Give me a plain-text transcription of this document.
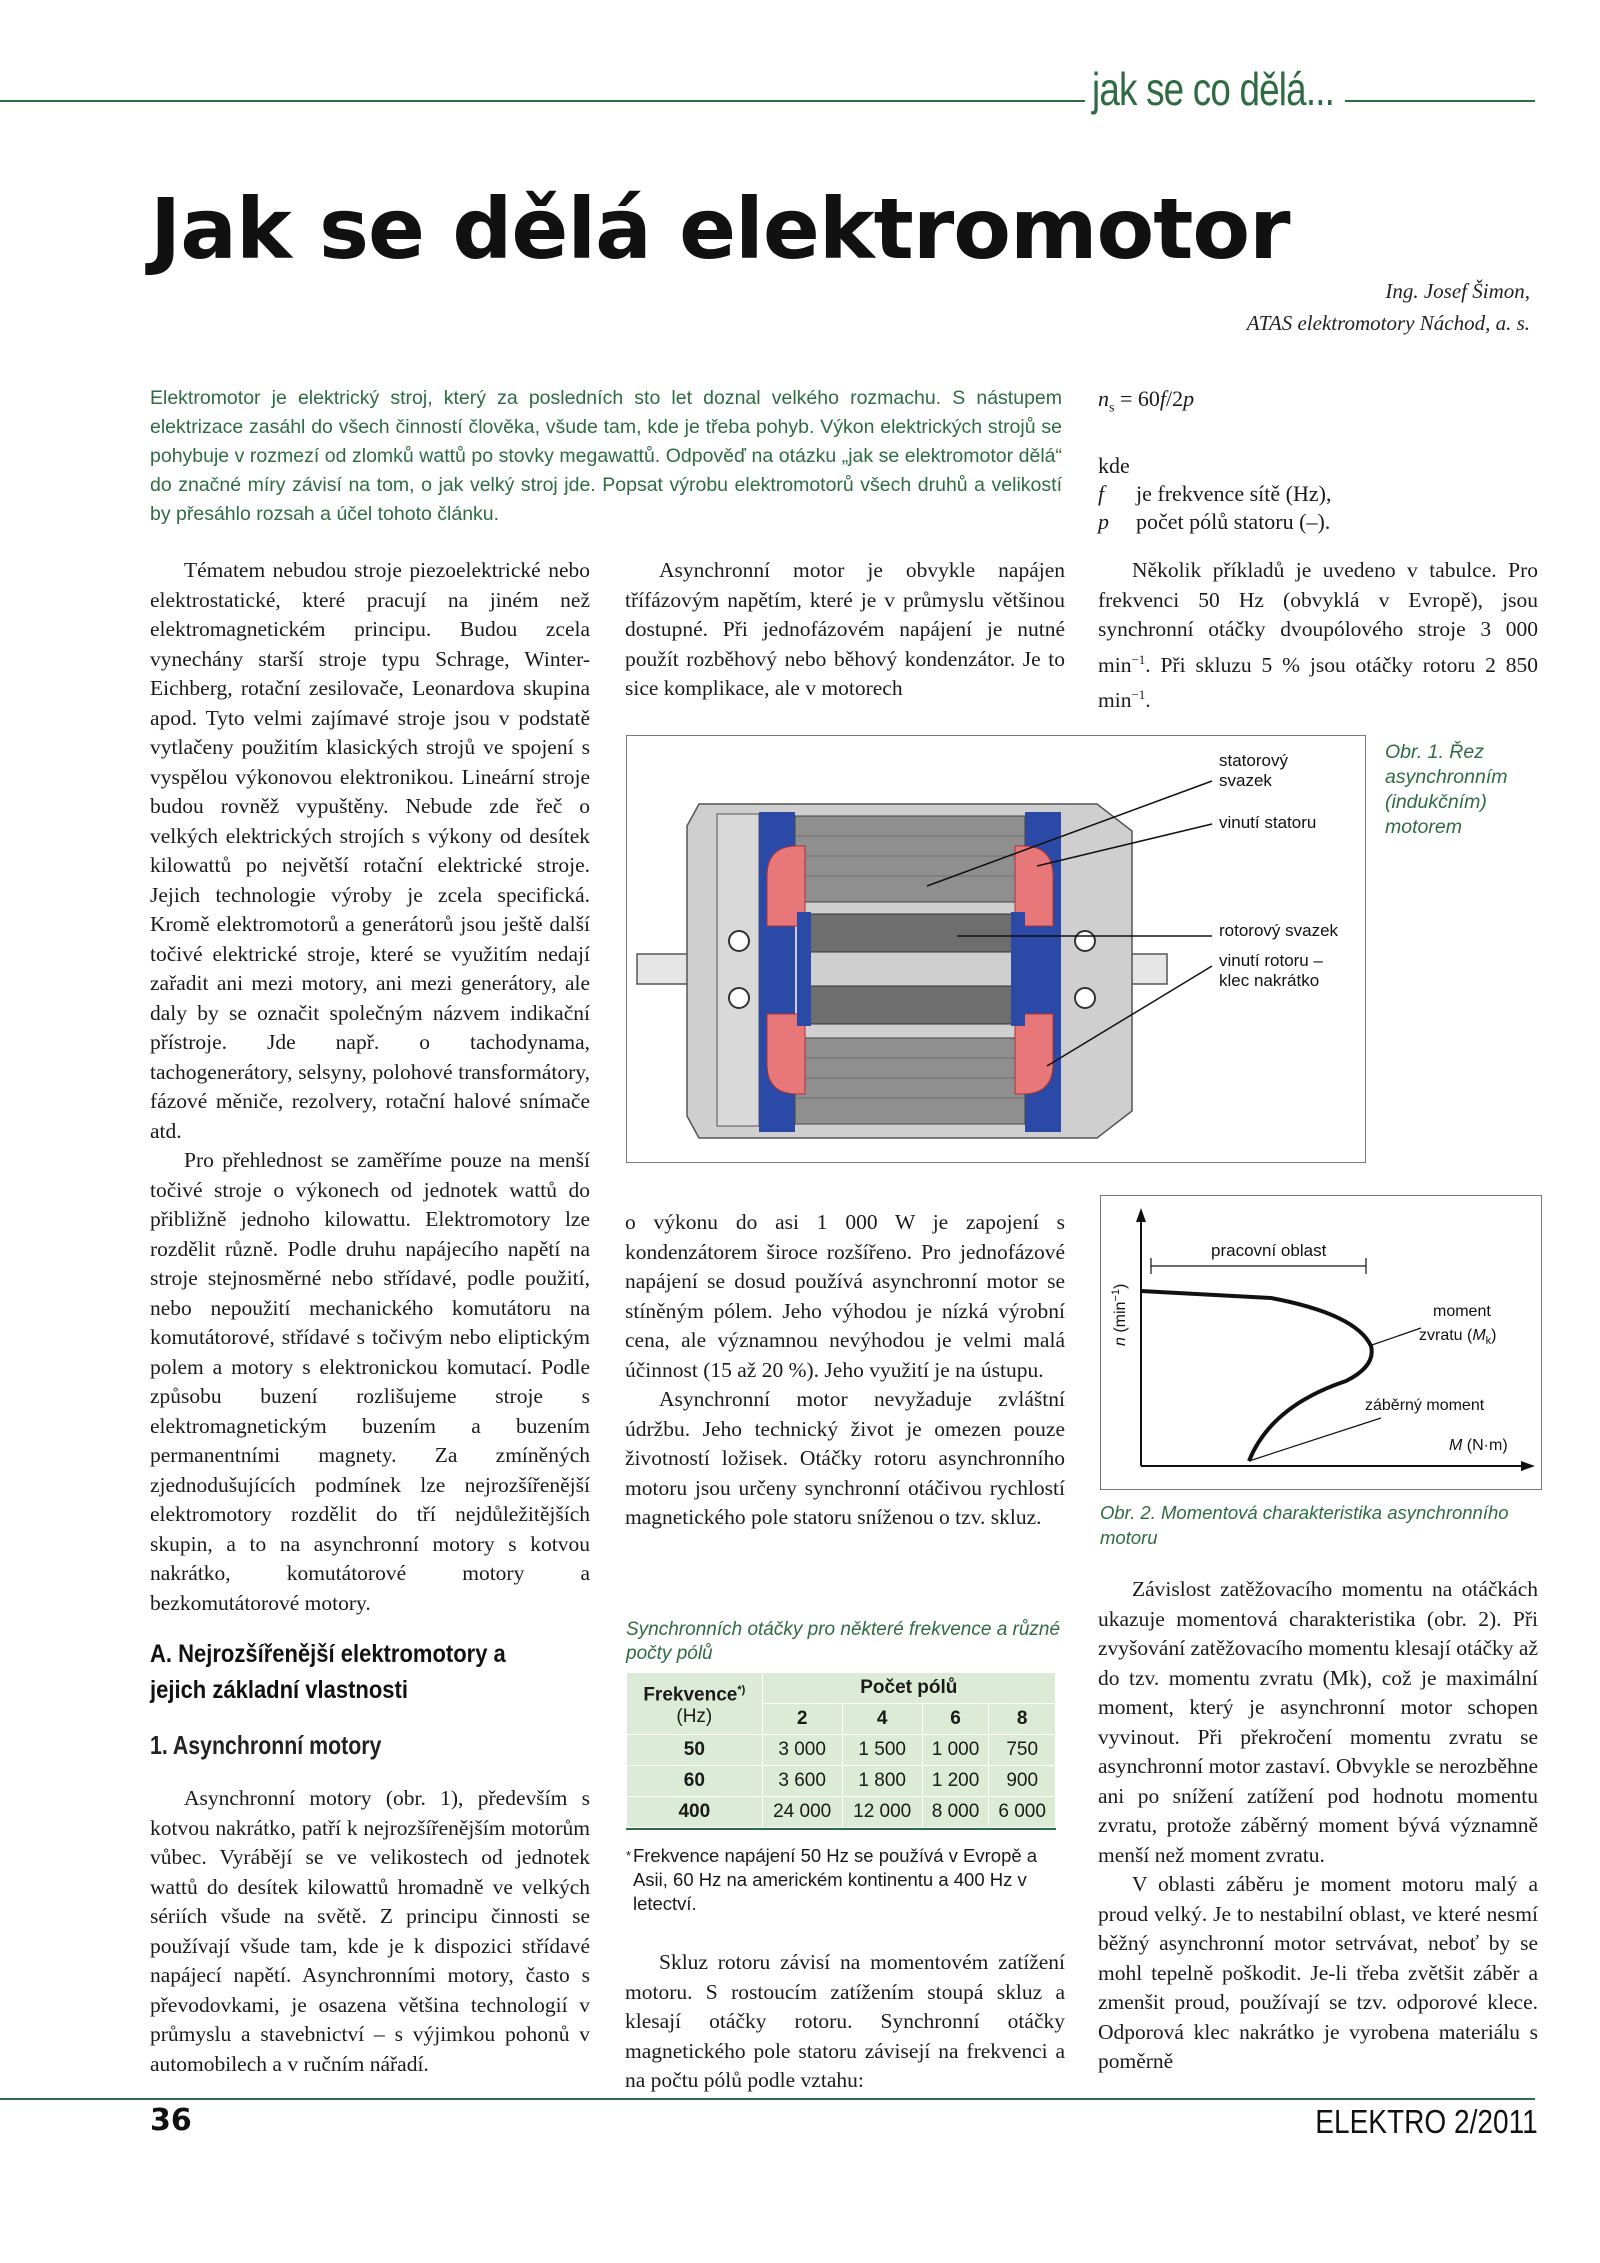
jak se co dělá...
Jak se dělá elektromotor
Ing. Josef Šimon,
ATAS elektromotory Náchod, a. s.
Elektromotor je elektrický stroj, který za posledních sto let doznal velkého rozmachu. S nástupem elektrizace zasáhl do všech činností člověka, všude tam, kde je třeba pohyb. Výkon elektrických strojů se pohybuje v rozmezí od zlomků wattů po stovky megawattů. Odpověď na otázku „jak se elektromotor dělá“ do značné míry závisí na tom, o jak velký stroj jde. Popsat výrobu elektromotorů všech druhů a velikostí by přesáhlo rozsah a účel tohoto článku.
$n_s = 60f/2p$
kde
f	je frekvence sítě (Hz),
p	počet pólů statoru (–).

Tématem nebudou stroje piezoelektrické nebo elektrostatické, které pracují na jiném než elektromagnetickém principu. Budou zcela vynechány starší stroje typu Schrage, Winter-Eichberg, rotační zesilovače, Leonardova skupina apod. Tyto velmi zajímavé stroje jsou v podstatě vytlačeny použitím klasických strojů ve spojení s vyspělou výkonovou elektronikou. Lineární stroje budou rovněž vypuštěny. Nebude zde řeč o velkých elektrických strojích s výkony od desítek kilowattů po největší rotační elektrické stroje. Jejich technologie výroby je zcela specifická. Kromě elektromotorů a generátorů jsou ještě další točivé elektrické stroje, které se využitím nedají zařadit ani mezi motory, ani mezi generátory, ale daly by se označit společným názvem indikační přístroje. Jde např. o tachodynama, tachogenerátory, selsyny, polohové transformátory, fázové měniče, rezolvery, rotační halové snímače atd.

Pro přehlednost se zaměříme pouze na menší točivé stroje o výkonech od jednotek wattů do přibližně jednoho kilowattu. Elektromotory lze rozdělit různě. Podle druhu napájecího napětí na stroje stejnosměrné nebo střídavé, podle použití, nebo nepoužití mechanického komutátoru na komutátorové, střídavé s točivým nebo eliptickým polem a motory s elektronickou komutací. Podle způsobu buzení rozlišujeme stroje s elektromagnetickým buzením a buzením permanentními magnety. Za zmíněných zjednodušujících podmínek lze nejrozšířenější elektromotory rozdělit do tří nejdůležitějších skupin, a to na asynchronní motory s kotvou nakrátko, komutátorové motory a bezkomutátorové motory.

A. Nejrozšířenější elektromotory a jejich základní vlastnosti
1. Asynchronní motory

Asynchronní motory (obr. 1), především s kotvou nakrátko, patří k nejrozšířenějším motorům vůbec. Vyrábějí se ve velikostech od jednotek wattů do desítek kilowattů hromadně ve velkých sériích všude na světě. Z principu činnosti se používají všude tam, kde je k dispozici střídavé napájecí napětí. Asynchronními motory, často s převodovkami, je osazena většina technologií v průmyslu a stavebnictví – s výjimkou pohonů v automobilech a v ručním nářadí.

Asynchronní motor je obvykle napájen třífázovým napětím, které je v průmyslu většinou dostupné. Při jednofázovém napájení je nutné použít rozběhový nebo běhový kondenzátor. Je to sice komplikace, ale v motorech

o výkonu do asi 1 000 W je zapojení s kondenzátorem široce rozšířeno. Pro jednofázové napájení se dosud používá asynchronní motor se stíněným pólem. Jeho výhodou je nízká výrobní cena, ale významnou nevýhodou je velmi malá účinnost (15 až 20 %). Jeho využití je na ústupu.

Asynchronní motor nevyžaduje zvláštní údržbu. Jeho technický život je omezen pouze životností ložisek. Otáčky rotoru asynchronního motoru jsou určeny synchronní otáčivou rychlostí magnetického pole statoru sníženou o tzv. skluz.

Skluz rotoru závisí na momentovém zatížení motoru. S rostoucím zatížením stoupá skluz a klesají otáčky rotoru. Synchronní otáčky magnetického pole statoru závisejí na frekvenci a na počtu pólů podle vztahu:

Několik příkladů je uvedeno v tabulce. Pro frekvenci 50 Hz (obvyklá v Evropě), jsou synchronní otáčky dvoupólového stroje 3 000 $\min^{-1}$. Při skluzu 5 % jsou otáčky rotoru 2 850 $\min^{-1}$.

Závislost zatěžovacího momentu na otáčkách ukazuje momentová charakteristika (obr. 2). Při zvyšování zatěžovacího momentu klesají otáčky až do tzv. momentu zvratu (Mk), což je maximální moment, který je asynchronní motor schopen vyvinout. Při překročení momentu zvratu se asynchronní motor zastaví. Obvykle se nerozběhne ani po snížení zatížení pod hodnotu momentu zvratu, protože záběrný moment bývá významně menší než moment zvratu.

V oblasti záběru je moment motoru malý a proud velký. Je to nestabilní oblast, ve které nesmí běžný asynchronní motor setrvávat, neboť by se mohl tepelně poškodit. Je-li třeba zvětšit záběr a zmenšit proud, používají se tzv. odporové klece. Odporová klec nakrátko je vyrobena materiálu s poměrně

statorový svazek
vinutí statoru
rotorový svazek
vinutí rotoru – klec nakrátko
Obr. 1. Řez asynchronním (indukčním) motorem
pracovní oblast
moment
zvratu $(M_k)$
záběrný moment
M (N·m)
n $(\min^{-1})$
Obr. 2. Momentová charakteristika asynchronního motoru
Synchronních otáčky pro některé frekvence a různé počty pólů
Frekvence*)
(Hz)	Počet pólů			
	2	4	6	8
50	3 000	1 500	1 000	750
60	3 600	1 800	1 200	900
400	24 000	12 000	8 000	6 000
* Frekvence napájení 50 Hz se používá v Evropě a Asii, 60 Hz na americkém kontinentu a 400 Hz v letectví.
36	ELEKTRO 2/2011
